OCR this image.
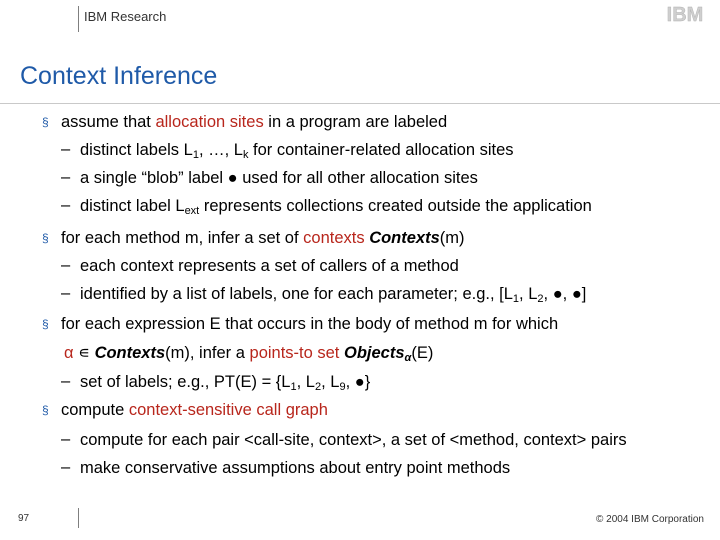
IBM Research	IBM
Context Inference
§ assume that allocation sites in a program are labeled
– distinct labels $L_1$, …, $L_k$ for container-related allocation sites
– a single “blob” label ● used for all other allocation sites
– distinct label $L_{ext}$ represents collections created outside the application
§ for each method m, infer a set of contexts Contexts(m)
– each context represents a set of callers of a method
– identified by a list of labels, one for each parameter; e.g., [$L_1$, $L_2$, ●, ●]
§ for each expression E that occurs in the body of method m for which
α ∊ Contexts(m), infer a points-to set Objects$_\alpha$(E)
– set of labels; e.g., $PT(E) = \{L_1$, $L_2$, $L_9$, ●}
§ compute context-sensitive call graph
– compute for each pair <call-site, context>, a set of <method, context> pairs
– make conservative assumptions about entry point methods
97	© 2004 IBM Corporation
